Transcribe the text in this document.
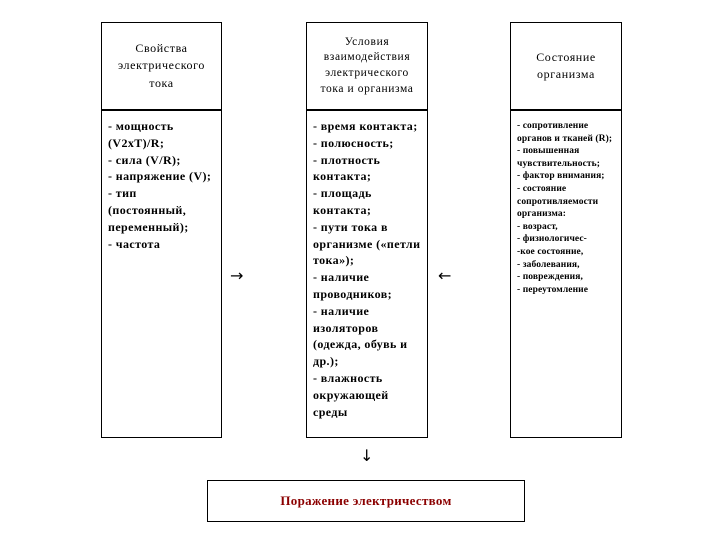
Свойства электрического тока
- мощность (V2хТ)/R;
- сила (V/R);
- напряжение (V);
- тип (постоянный, переменный);
- частота
Условия взаимодействия электрического тока и организма
- время контакта;
- полюсность;
- плотность контакта;
- площадь контакта;
- пути тока в организме («петли тока»);
- наличие проводников;
- наличие изоляторов (одежда, обувь и др.);
- влажность окружающей среды
Состояние организма
- сопротивление органов и тканей (R);
- повышенная чувствительность;
- фактор внимания;
- состояние сопротивляемости организма:
- возраст,
- физиологичес-
-кое состояние,
- заболевания,
- повреждения,
- переутомление
→	←
↓
Поражение электричеством
